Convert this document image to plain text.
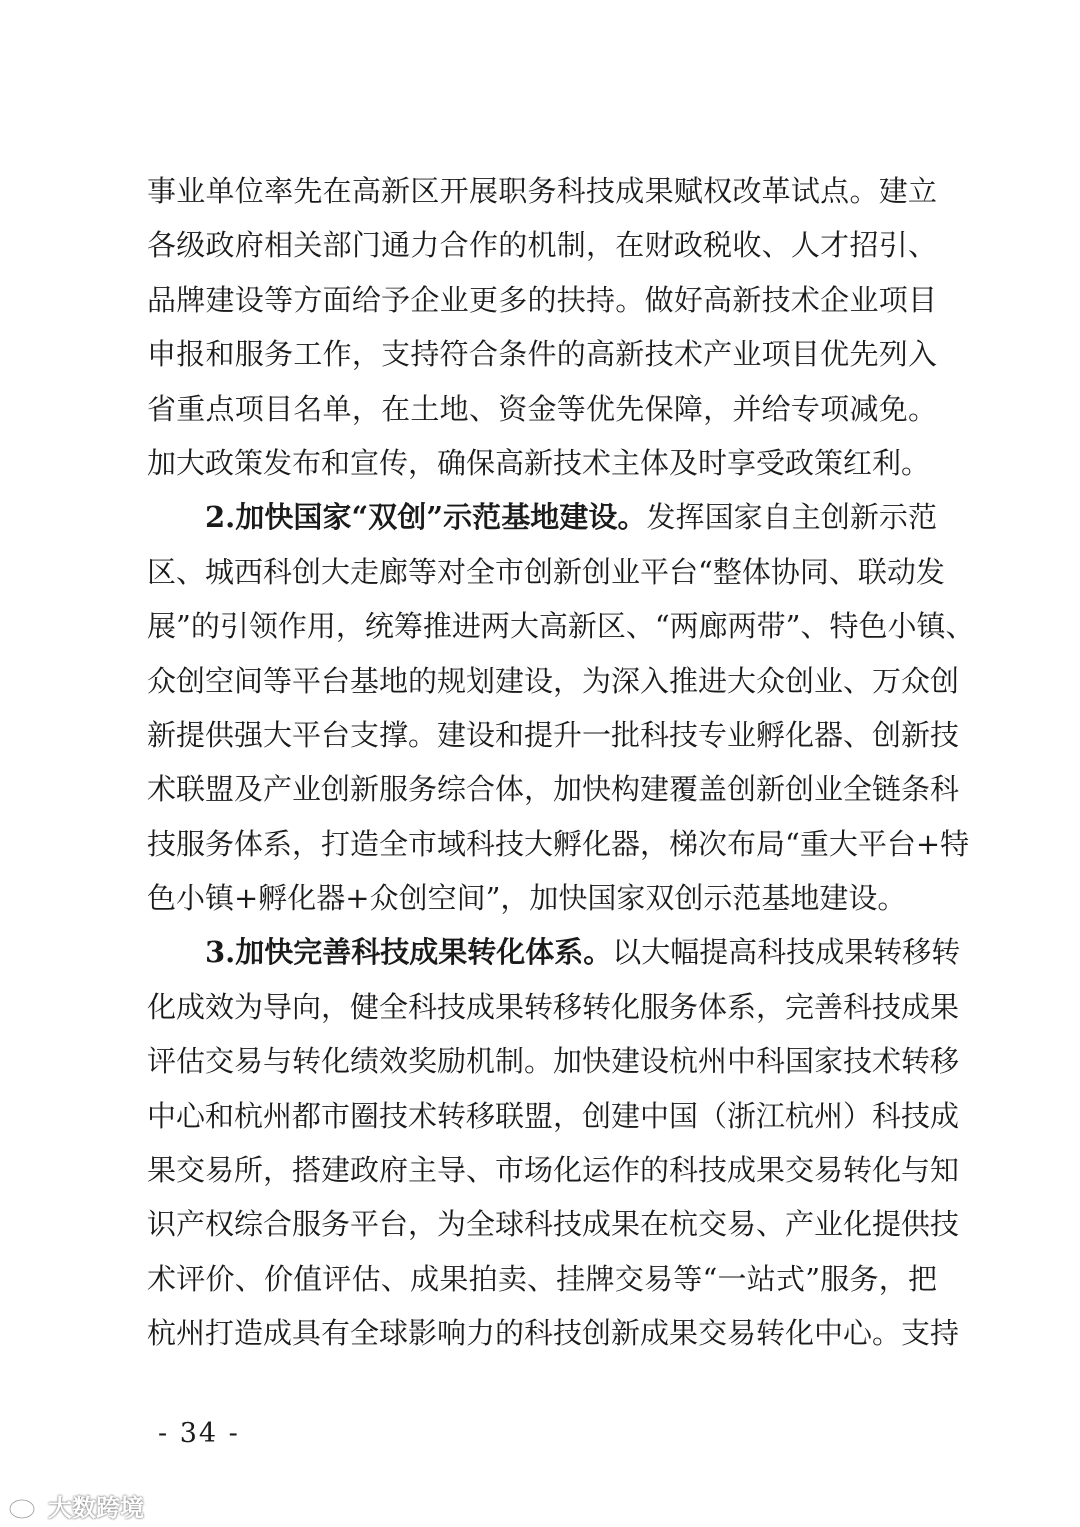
事业单位率先在高新区开展职务科技成果赋权改革试点。建立
各级政府相关部门通力合作的机制，在财政税收、人才招引、
品牌建设等方面给予企业更多的扶持。做好高新技术企业项目
申报和服务工作，支持符合条件的高新技术产业项目优先列入
省重点项目名单，在土地、资金等优先保障，并给专项减免。
加大政策发布和宣传，确保高新技术主体及时享受政策红利。
2.加快国家“双创”示范基地建设。发挥国家自主创新示范
区、城西科创大走廊等对全市创新创业平台“整体协同、联动发
展”的引领作用，统筹推进两大高新区、“两廊两带”、特色小镇、
众创空间等平台基地的规划建设，为深入推进大众创业、万众创
新提供强大平台支撑。建设和提升一批科技专业孵化器、创新技
术联盟及产业创新服务综合体，加快构建覆盖创新创业全链条科
技服务体系，打造全市域科技大孵化器，梯次布局“重大平台+特
色小镇+孵化器+众创空间”，加快国家双创示范基地建设。
3.加快完善科技成果转化体系。以大幅提高科技成果转移转
化成效为导向，健全科技成果转移转化服务体系，完善科技成果
评估交易与转化绩效奖励机制。加快建设杭州中科国家技术转移
中心和杭州都市圈技术转移联盟，创建中国（浙江杭州）科技成
果交易所，搭建政府主导、市场化运作的科技成果交易转化与知
识产权综合服务平台，为全球科技成果在杭交易、产业化提供技
术评价、价值评估、成果拍卖、挂牌交易等“一站式”服务，把
杭州打造成具有全球影响力的科技创新成果交易转化中心。支持
- 34 -
大数跨境
